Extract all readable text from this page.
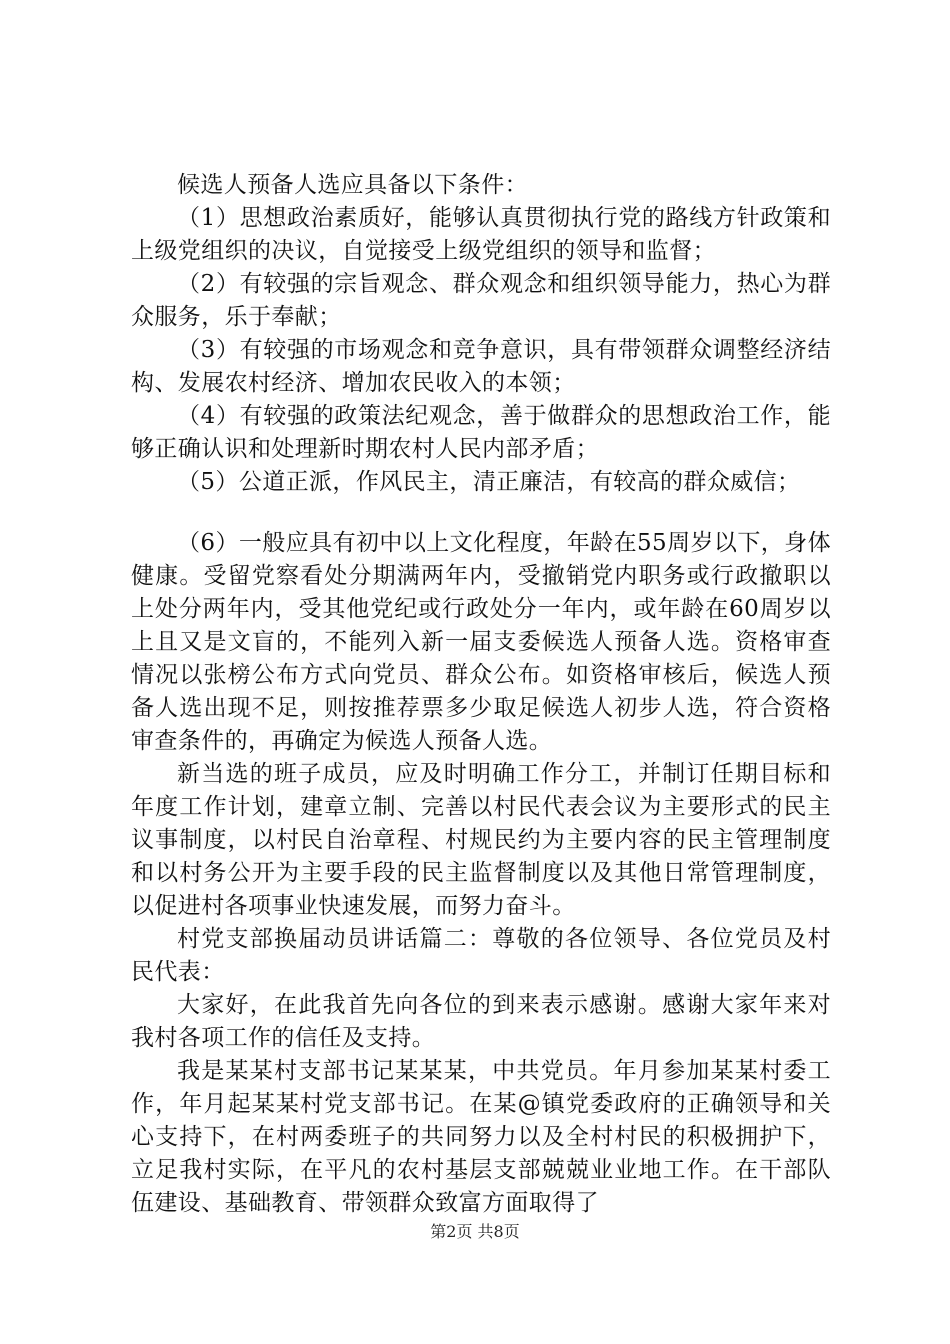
候选人预备人选应具备以下条件：

（1）思想政治素质好，能够认真贯彻执行党的路线方针政策和上级党组织的决议，自觉接受上级党组织的领导和监督；

（2）有较强的宗旨观念、群众观念和组织领导能力，热心为群众服务，乐于奉献；

（3）有较强的市场观念和竞争意识，具有带领群众调整经济结构、发展农村经济、增加农民收入的本领；

（4）有较强的政策法纪观念，善于做群众的思想政治工作，能够正确认识和处理新时期农村人民内部矛盾；

（5）公道正派，作风民主，清正廉洁，有较高的群众威信；

（6）一般应具有初中以上文化程度，年龄在55周岁以下，身体健康。受留党察看处分期满两年内，受撤销党内职务或行政撤职以上处分两年内，受其他党纪或行政处分一年内，或年龄在60周岁以上且又是文盲的，不能列入新一届支委候选人预备人选。资格审查情况以张榜公布方式向党员、群众公布。如资格审核后，候选人预备人选出现不足，则按推荐票多少取足候选人初步人选，符合资格审查条件的，再确定为候选人预备人选。

新当选的班子成员，应及时明确工作分工，并制订任期目标和年度工作计划，建章立制、完善以村民代表会议为主要形式的民主议事制度，以村民自治章程、村规民约为主要内容的民主管理制度和以村务公开为主要手段的民主监督制度以及其他日常管理制度，以促进村各项事业快速发展，而努力奋斗。

村党支部换届动员讲话篇二：尊敬的各位领导、各位党员及村民代表：

大家好，在此我首先向各位的到来表示感谢。感谢大家年来对我村各项工作的信任及支持。

我是某某村支部书记某某某，中共党员。年月参加某某村委工作，年月起某某村党支部书记。在某@镇党委政府的正确领导和关心支持下，在村两委班子的共同努力以及全村村民的积极拥护下，立足我村实际，在平凡的农村基层支部兢兢业业地工作。在干部队伍建设、基础教育、带领群众致富方面取得了

第2页 共8页
